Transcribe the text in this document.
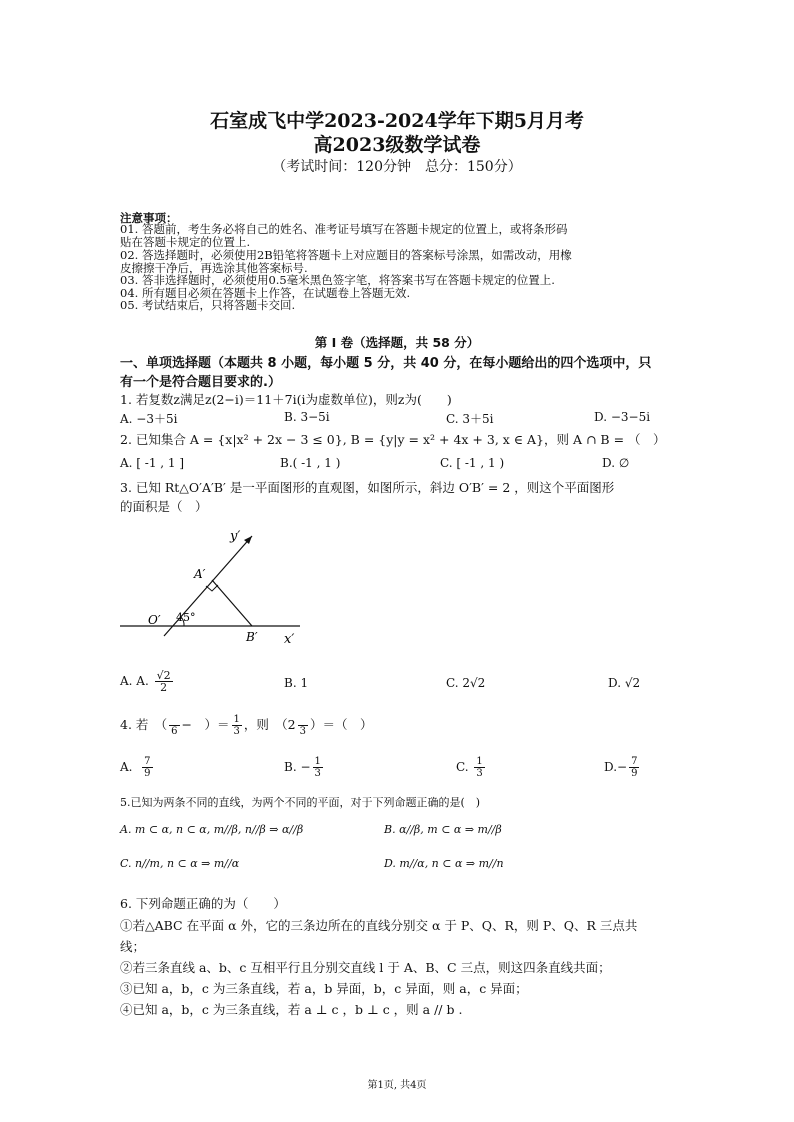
石室成飞中学2023-2024学年下期5月月考
高2023级数学试卷
（考试时间：120分钟　总分：150分）
注意事项：
01. 答题前，考生务必将自己的姓名、准考证号填写在答题卡规定的位置上，或将条形码
贴在答题卡规定的位置上.
02. 答选择题时，必须使用2B铅笔将答题卡上对应题目的答案标号涂黑，如需改动，用橡
皮擦擦干净后，再选涂其他答案标号.
03. 答非选择题时，必须使用0.5毫米黑色签字笔，将答案书写在答题卡规定的位置上.
04. 所有题目必须在答题卡上作答，在试题卷上答题无效.
05. 考试结束后，只将答题卡交回.
第 I 卷（选择题，共 58 分）
一、单项选择题（本题共 8 小题，每小题 5 分，共 40 分，在每小题给出的四个选项中，只
有一个是符合题目要求的.）
1. 若复数z满足z(2−i)＝11＋7i(i为虚数单位)，则z为(　　)
A. −3＋5i	B. 3−5i	C. 3＋5i	D. −3−5i
2. 已知集合 A = {x|x² + 2x − 3 ≤ 0}, B = {y|y = x² + 4x + 3, x ∈ A}，则 A ∩ B = （　）
A. [ -1 , 1 ]	B.( -1 , 1 )	C. [ -1 , 1 )	D. ∅
3. 已知 Rt△O′A′B′ 是一平面图形的直观图，如图所示，斜边 O′B′ = 2 ，则这个平面图形
的面积是（　）
y′
x′
A′
O′
B′
45°
A. A. $\frac{√2}{2}$	B. 1	C. 2√2	D. √2
4. 若　（
6 −　）＝ $\frac{1}{3}$ ，则　（2
3 ）＝（　）
A. $\frac{7}{9}$	B. − $\frac{1}{3}$	C. $\frac{1}{3}$	$D.- \frac{7}{9}$
5.已知为两条不同的直线，为两个不同的平面，对于下列命题正确的是(　)
A. m ⊂ α, n ⊂ α, m//β, n//β ⇒ α//β	B. α//β, m ⊂ α ⇒ m//β
C. n//m, n ⊂ α ⇒ m//α	D. m//α, n ⊂ α ⇒ m//n
6. 下列命题正确的为（　　）
①若△ABC 在平面 α 外，它的三条边所在的直线分别交 α 于 P、Q、R，则 P、Q、R 三点共
线；
②若三条直线 a、b、c 互相平行且分别交直线 l 于 A、B、C 三点，则这四条直线共面；
③已知 a，b，c 为三条直线，若 a，b 异面，b，c 异面，则 a，c 异面；
④已知 a，b，c 为三条直线，若 a ⊥ c ，b ⊥ c ，则 a // b .
第1页, 共4页
